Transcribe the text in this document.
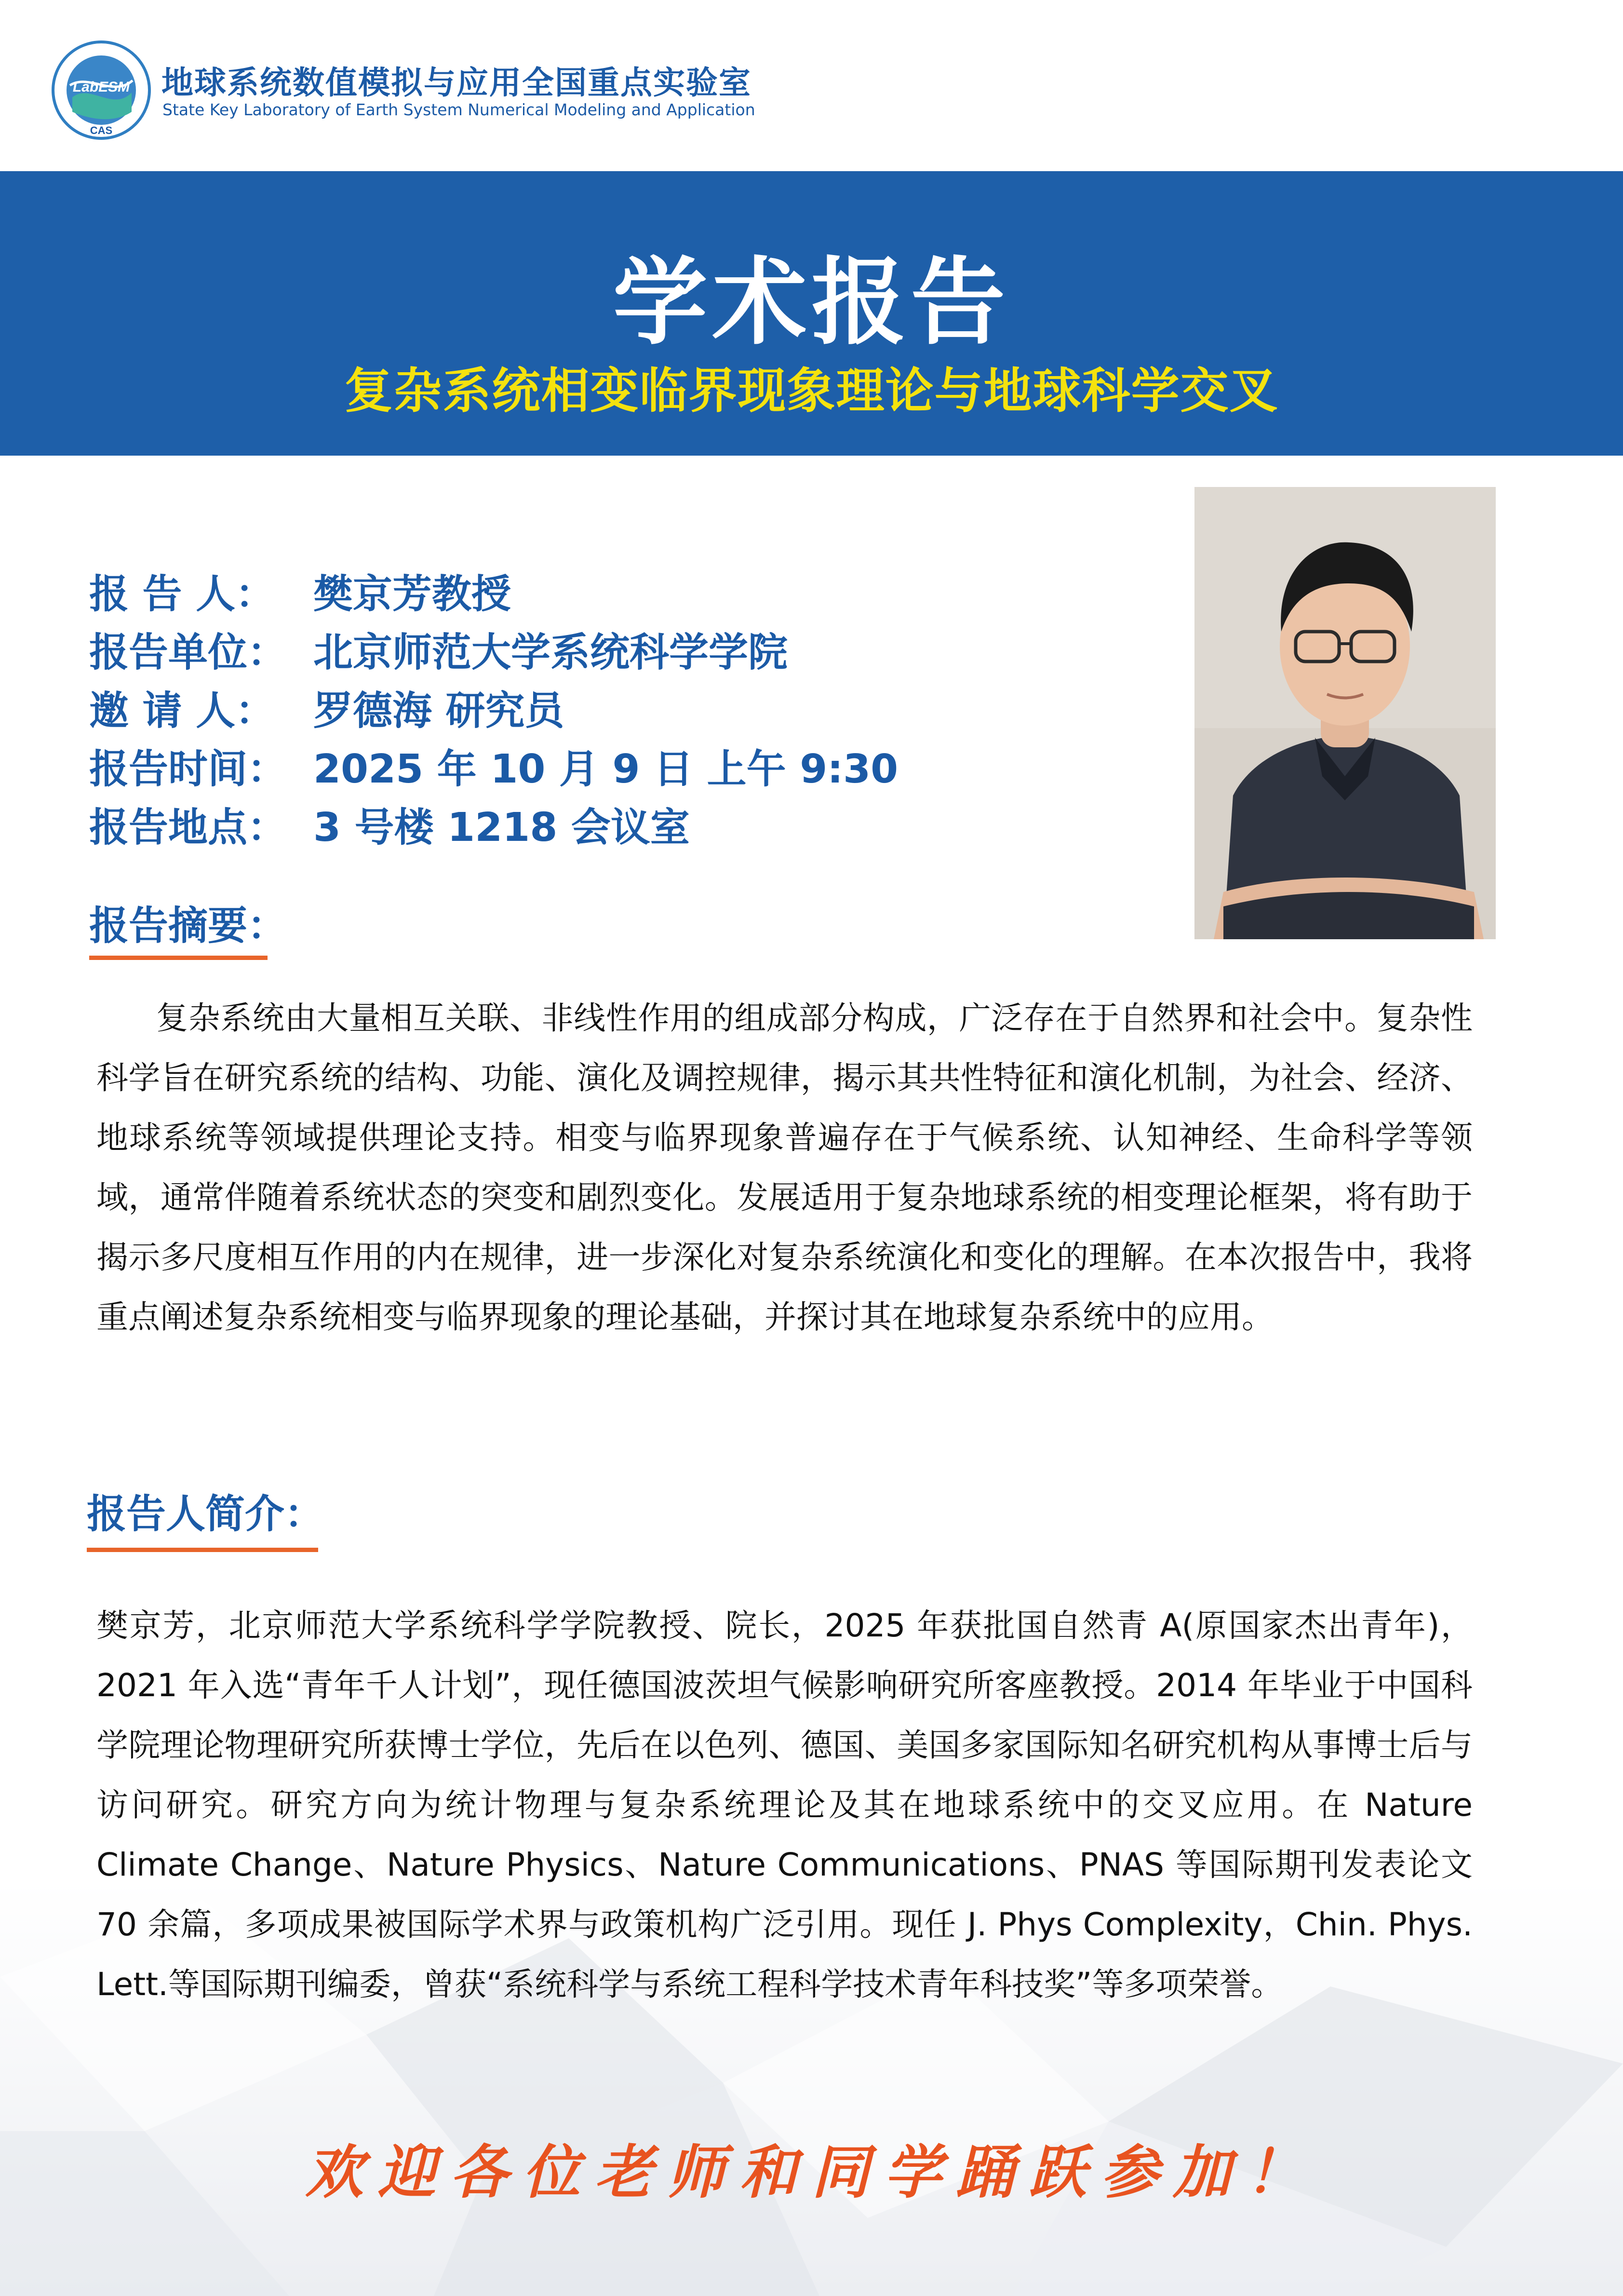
LabESM
CAS
地球系统数值模拟与应用全国重点实验室
State Key Laboratory of Earth System Numerical Modeling and Application
学术报告
复杂系统相变临界现象理论与地球科学交叉
报 告 人： 樊京芳教授
报告单位： 北京师范大学系统科学学院
邀 请 人： 罗德海 研究员
报告时间： 2025 年 10 月 9 日 上午 9:30
报告地点： 3 号楼 1218 会议室
报告摘要：
复杂系统由大量相互关联、非线性作用的组成部分构成，广泛存在于自然界和社会中。复杂性科学旨在研究系统的结构、功能、演化及调控规律，揭示其共性特征和演化机制，为社会、经济、地球系统等领域提供理论支持。相变与临界现象普遍存在于气候系统、认知神经、生命科学等领域，通常伴随着系统状态的突变和剧烈变化。发展适用于复杂地球系统的相变理论框架，将有助于揭示多尺度相互作用的内在规律，进一步深化对复杂系统演化和变化的理解。在本次报告中，我将重点阐述复杂系统相变与临界现象的理论基础，并探讨其在地球复杂系统中的应用。
报告人简介：
樊京芳，北京师范大学系统科学学院教授、院长，2025 年获批国自然青 A(原国家杰出青年)，2021 年入选“青年千人计划”，现任德国波茨坦气候影响研究所客座教授。2014 年毕业于中国科学院理论物理研究所获博士学位，先后在以色列、德国、美国多家国际知名研究机构从事博士后与访问研究。研究方向为统计物理与复杂系统理论及其在地球系统中的交叉应用。在 Nature Climate Change、Nature Physics、Nature Communications、PNAS 等国际期刊发表论文 70 余篇，多项成果被国际学术界与政策机构广泛引用。现任 J. Phys Complexity，Chin. Phys. Lett.等国际期刊编委，曾获“系统科学与系统工程科学技术青年科技奖”等多项荣誉。
欢迎各位老师和同学踊跃参加！
